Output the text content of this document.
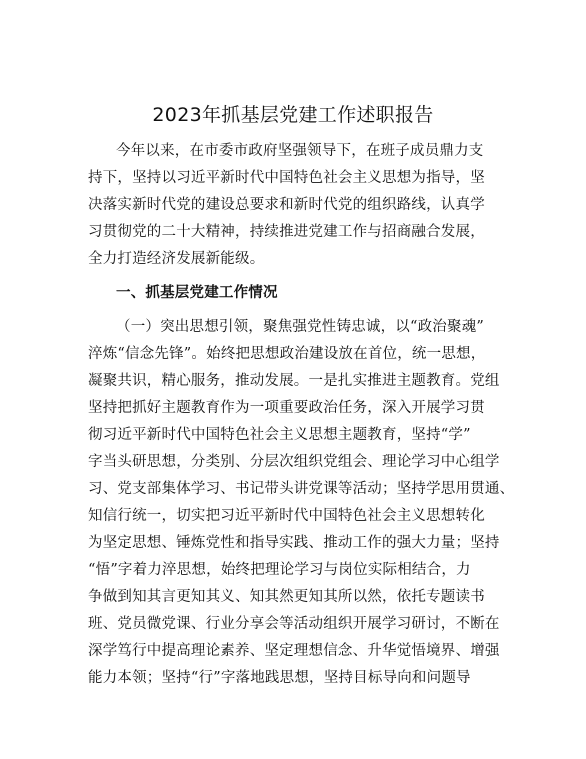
2023年抓基层党建工作述职报告
今年以来，在市委市政府坚强领导下，在班子成员鼎力支
持下，坚持以习近平新时代中国特色社会主义思想为指导，坚
决落实新时代党的建设总要求和新时代党的组织路线，认真学
习贯彻党的二十大精神，持续推进党建工作与招商融合发展，
全力打造经济发展新能级。
一、抓基层党建工作情况
（一）突出思想引领，聚焦强党性铸忠诚，以“政治聚魂”
淬炼“信念先锋”。始终把思想政治建设放在首位，统一思想，
凝聚共识，精心服务，推动发展。一是扎实推进主题教育。党组
坚持把抓好主题教育作为一项重要政治任务，深入开展学习贯
彻习近平新时代中国特色社会主义思想主题教育，坚持“学”
字当头研思想，分类别、分层次组织党组会、理论学习中心组学
习、党支部集体学习、书记带头讲党课等活动；坚持学思用贯通、
知信行统一，切实把习近平新时代中国特色社会主义思想转化
为坚定思想、锤炼党性和指导实践、推动工作的强大力量；坚持
“悟”字着力淬思想，始终把理论学习与岗位实际相结合，力
争做到知其言更知其义、知其然更知其所以然，依托专题读书
班、党员微党课、行业分享会等活动组织开展学习研讨，不断在
深学笃行中提高理论素养、坚定理想信念、升华觉悟境界、增强
能力本领；坚持“行”字落地践思想，坚持目标导向和问题导
